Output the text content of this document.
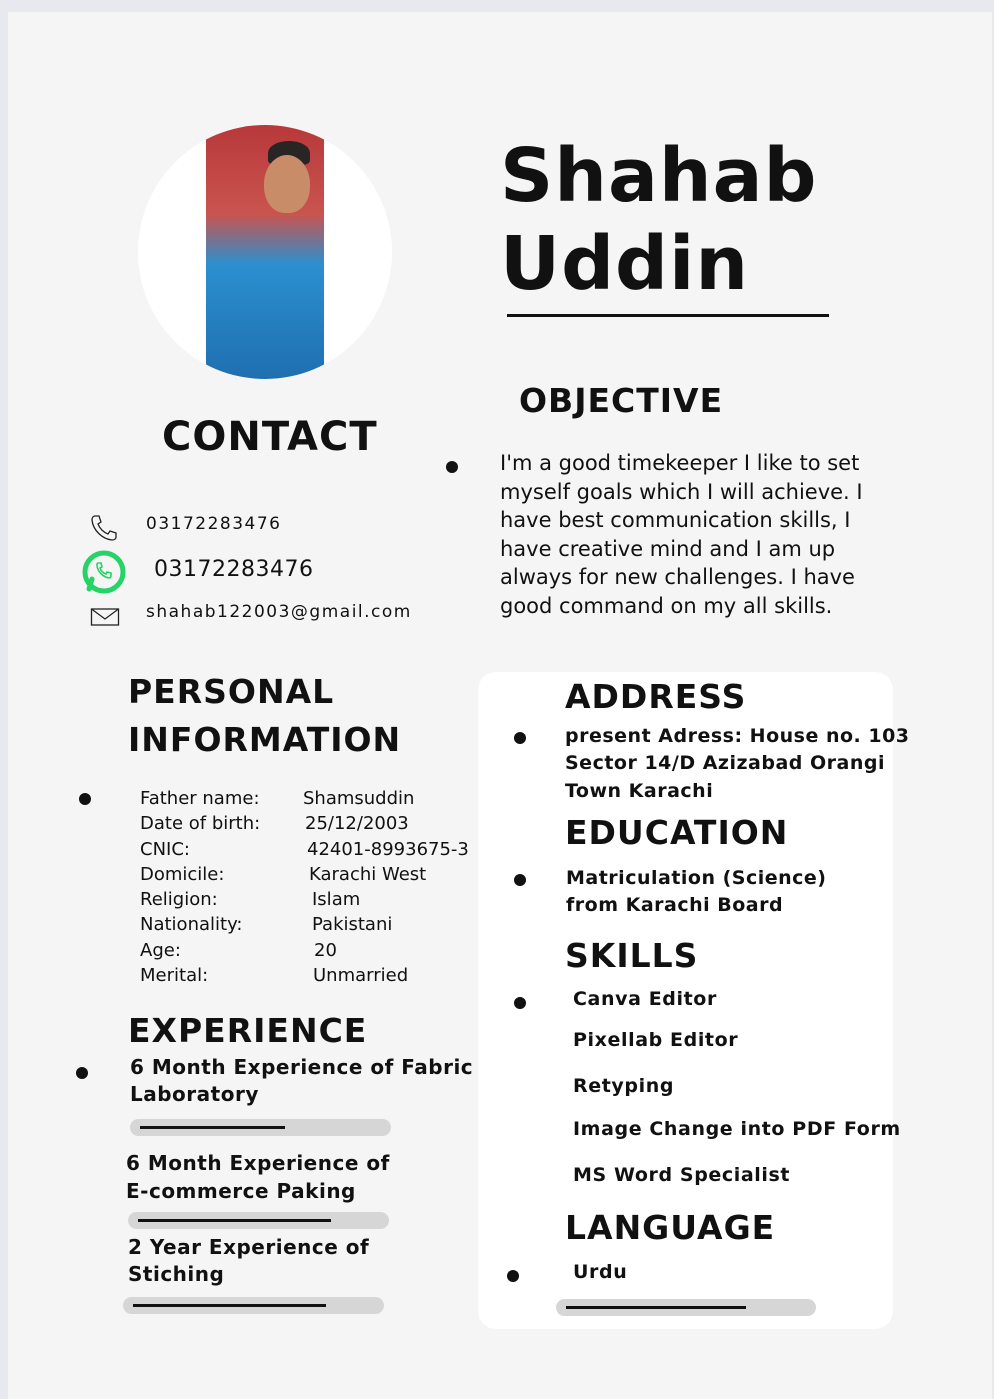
Shahab
Uddin
OBJECTIVE
I'm a good timekeeper I like to set myself goals which I will achieve. I have best communication skills, I have creative mind and I am up always for new challenges. I have good command on my all skills.
CONTACT
03172283476
03172283476
shahab122003@gmail.com
PERSONAL
INFORMATION
Father name: Shamsuddin
Date of birth: 25/12/2003
CNIC:	42401-8993675-3
Domicile:	Karachi West
Religion:	Islam
Nationality:	Pakistani
Age:	20
Merital:	Unmarried
EXPERIENCE
6 Month Experience of Fabric
Laboratory
6 Month Experience of
E-commerce Paking
2 Year Experience of
Stiching
ADDRESS
present Adress: House no. 103
Sector 14/D Azizabad Orangi
Town Karachi
EDUCATION
Matriculation (Science)
from Karachi Board
SKILLS
Canva Editor
Pixellab Editor
Retyping
Image Change into PDF Form
MS Word Specialist
LANGUAGE
Urdu
